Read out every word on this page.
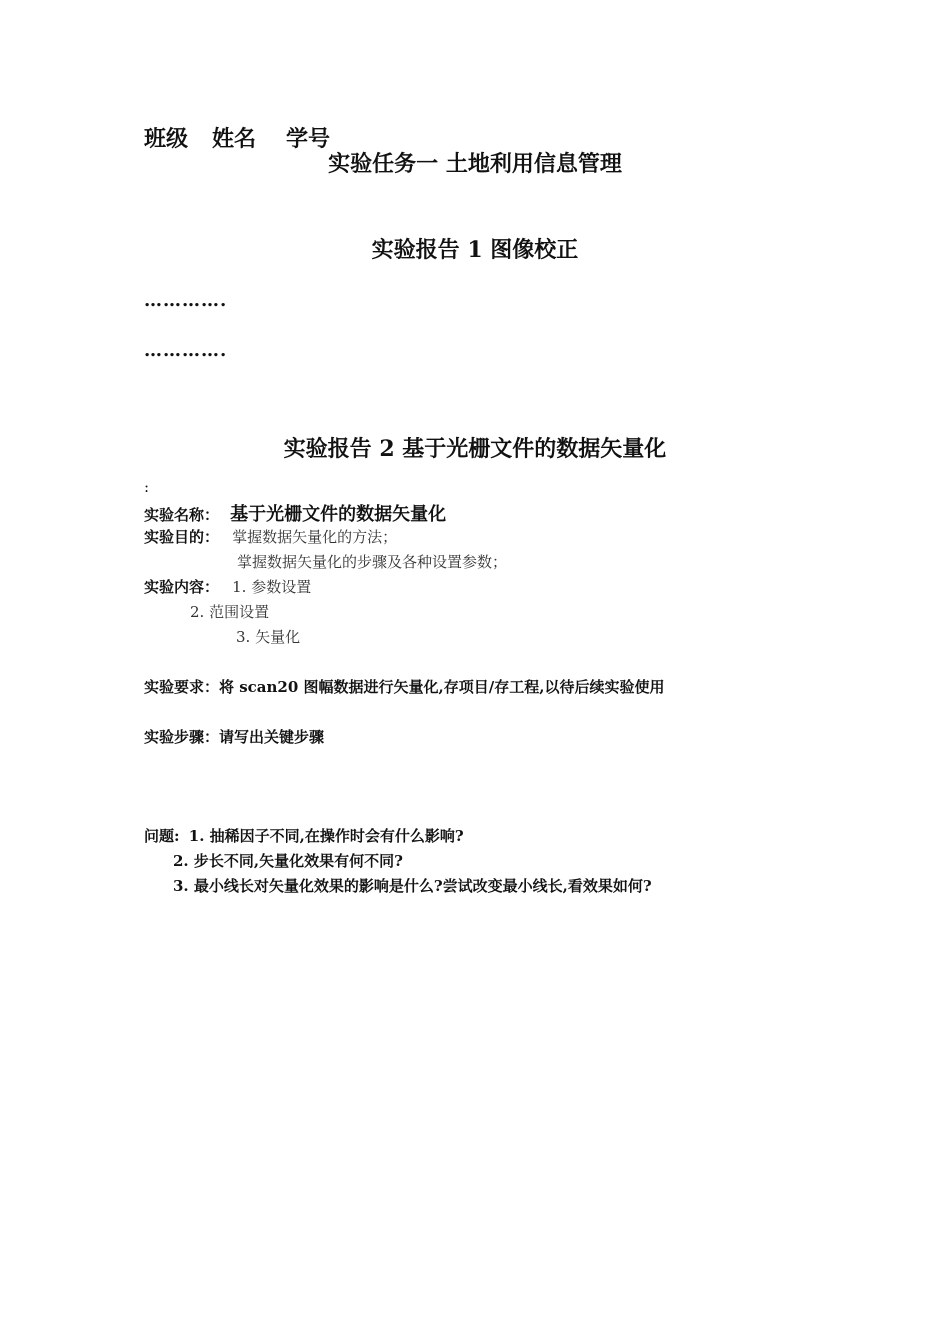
班级 姓名 学号
实验任务一 土地利用信息管理
实验报告 1 图像校正
………….
………….
实验报告 2 基于光栅文件的数据矢量化
:
实验名称： 基于光栅文件的数据矢量化
实验目的： 掌握数据矢量化的方法；
掌握数据矢量化的步骤及各种设置参数；
实验内容： 1. 参数设置
2. 范围设置
3. 矢量化
实验要求：将 scan20 图幅数据进行矢量化,存项目/存工程,以待后续实验使用
实验步骤：请写出关键步骤
问题: 1. 抽稀因子不同,在操作时会有什么影响?
2. 步长不同,矢量化效果有何不同?
3. 最小线长对矢量化效果的影响是什么?尝试改变最小线长,看效果如何?
